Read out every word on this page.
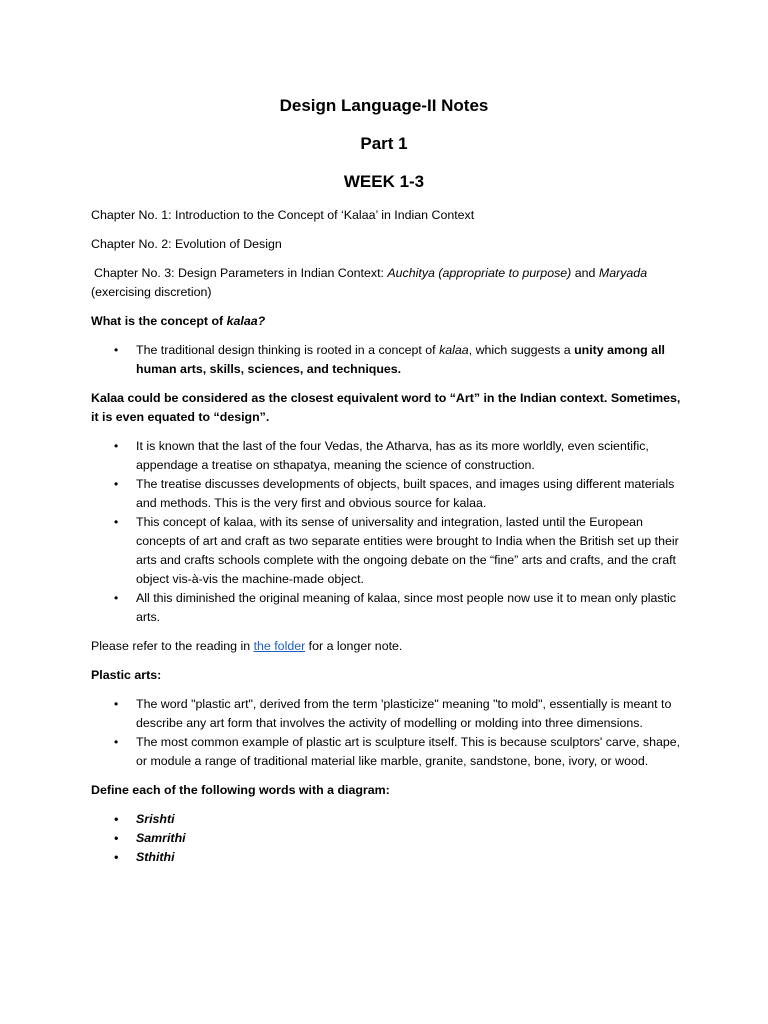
Design Language-II Notes
Part 1
WEEK 1-3

Chapter No. 1: Introduction to the Concept of ‘Kalaa’ in Indian Context

Chapter No. 2: Evolution of Design

Chapter No. 3: Design Parameters in Indian Context: Auchitya (appropriate to purpose) and Maryada
(exercising discretion)

What is the concept of kalaa?

• The traditional design thinking is rooted in a concept of kalaa, which suggests a unity among all human arts, skills, sciences, and techniques.

Kalaa could be considered as the closest equivalent word to “Art” in the Indian context. Sometimes, it is even equated to “design”.

• It is known that the last of the four Vedas, the Atharva, has as its more worldly, even scientific, appendage a treatise on sthapatya, meaning the science of construction.
• The treatise discusses developments of objects, built spaces, and images using different materials and methods. This is the very first and obvious source for kalaa.
• This concept of kalaa, with its sense of universality and integration, lasted until the European concepts of art and craft as two separate entities were brought to India when the British set up their arts and crafts schools complete with the ongoing debate on the “fine” arts and crafts, and the craft object vis-à-vis the machine-made object.
• All this diminished the original meaning of kalaa, since most people now use it to mean only plastic arts.

Please refer to the reading in the folder for a longer note.

Plastic arts:

• The word "plastic art", derived from the term 'plasticize" meaning "to mold", essentially is meant to describe any art form that involves the activity of modelling or molding into three dimensions.
• The most common example of plastic art is sculpture itself. This is because sculptors' carve, shape, or module a range of traditional material like marble, granite, sandstone, bone, ivory, or wood.

Define each of the following words with a diagram:

• Srishti
• Samrithi
• Sthithi
